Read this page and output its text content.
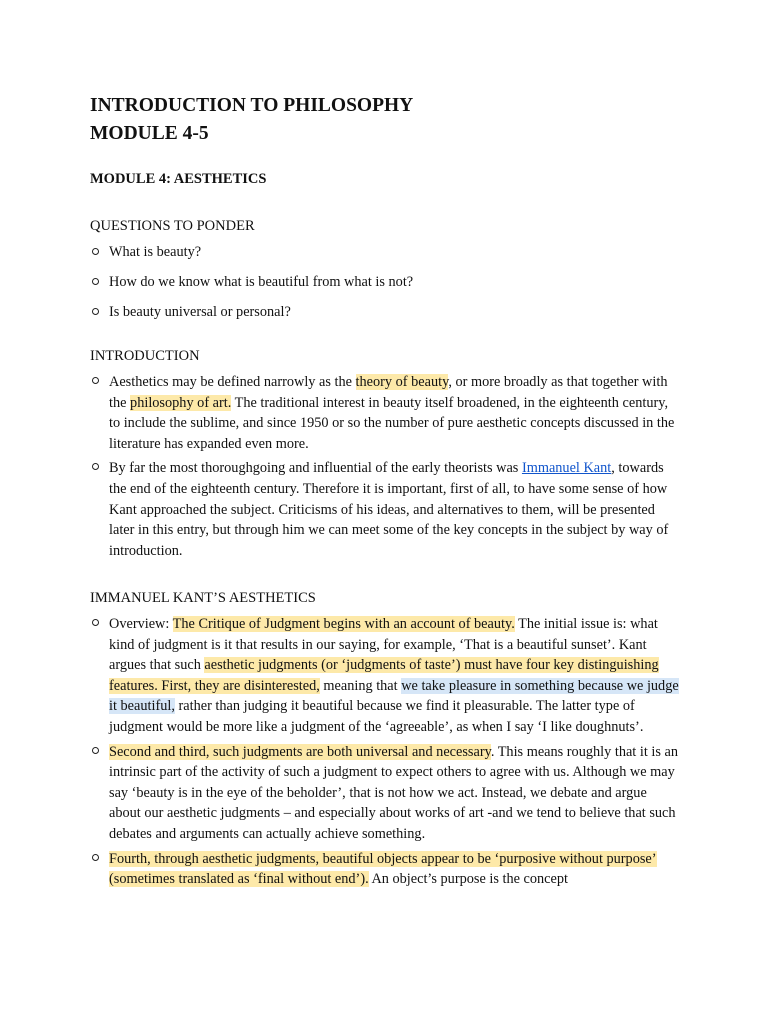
INTRODUCTION TO PHILOSOPHY
MODULE 4-5
MODULE 4: AESTHETICS
QUESTIONS TO PONDER
What is beauty?
How do we know what is beautiful from what is not?
Is beauty universal or personal?
INTRODUCTION
Aesthetics may be defined narrowly as the theory of beauty, or more broadly as that together with the philosophy of art. The traditional interest in beauty itself broadened, in the eighteenth century, to include the sublime, and since 1950 or so the number of pure aesthetic concepts discussed in the literature has expanded even more.
By far the most thoroughgoing and influential of the early theorists was Immanuel Kant, towards the end of the eighteenth century. Therefore it is important, first of all, to have some sense of how Kant approached the subject. Criticisms of his ideas, and alternatives to them, will be presented later in this entry, but through him we can meet some of the key concepts in the subject by way of introduction.
IMMANUEL KANT’S AESTHETICS
Overview: The Critique of Judgment begins with an account of beauty. The initial issue is: what kind of judgment is it that results in our saying, for example, ‘That is a beautiful sunset’. Kant argues that such aesthetic judgments (or ‘judgments of taste’) must have four key distinguishing features. First, they are disinterested, meaning that we take pleasure in something because we judge it beautiful, rather than judging it beautiful because we find it pleasurable. The latter type of judgment would be more like a judgment of the ‘agreeable’, as when I say ‘I like doughnuts’.
Second and third, such judgments are both universal and necessary. This means roughly that it is an intrinsic part of the activity of such a judgment to expect others to agree with us. Although we may say ‘beauty is in the eye of the beholder’, that is not how we act. Instead, we debate and argue about our aesthetic judgments – and especially about works of art -and we tend to believe that such debates and arguments can actually achieve something.
Fourth, through aesthetic judgments, beautiful objects appear to be ‘purposive without purpose’ (sometimes translated as ‘final without end’). An object’s purpose is the concept
